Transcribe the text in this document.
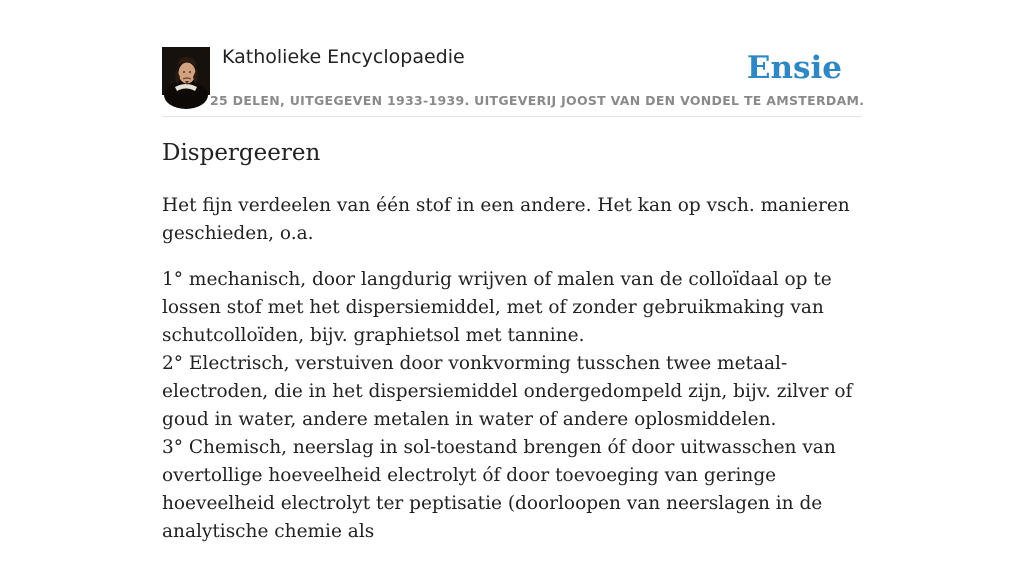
Katholieke Encyclopaedie
25 DELEN, UITGEGEVEN 1933-1939. UITGEVERIJ JOOST VAN DEN VONDEL TE AMSTERDAM.
Ensie
Dispergeeren

Het fijn verdeelen van één stof in een andere. Het kan op vsch. manieren geschieden, o.a.

1° mechanisch, door langdurig wrijven of malen van de colloïdaal op te lossen stof met het dispersiemiddel, met of zonder gebruikmaking van schutcolloïden, bijv. graphietsol met tannine.
2° Electrisch, verstuiven door vonkvorming tusschen twee metaal-electroden, die in het dispersiemiddel ondergedompeld zijn, bijv. zilver of goud in water, andere metalen in water of andere oplosmiddelen.
3° Chemisch, neerslag in sol-toestand brengen óf door uitwasschen van overtollige hoeveelheid electrolyt óf door toevoeging van geringe hoeveelheid electrolyt ter peptisatie (doorloopen van neerslagen in de analytische chemie als
